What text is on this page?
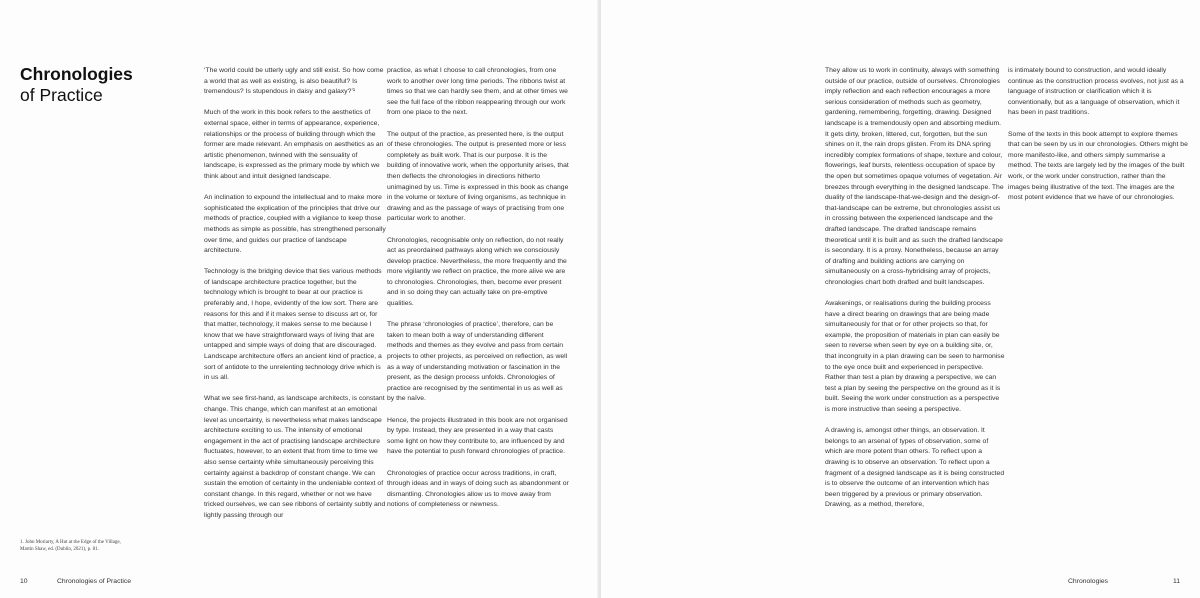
Chronologies
of Practice

‘The world could be utterly ugly and still exist. So how come a world that as well as existing, is also beautiful? Is tremendous? Is stupendous in daisy and galaxy?’¹

Much of the work in this book refers to the aesthetics of external space, either in terms of appearance, experience, relationships or the process of building through which the former are made relevant. An emphasis on aesthetics as an artistic phenomenon, twinned with the sensuality of landscape, is expressed as the primary mode by which we think about and intuit designed landscape.

An inclination to expound the intellectual and to make more sophisticated the explication of the principles that drive our methods of practice, coupled with a vigilance to keep those methods as simple as possible, has strengthened personally over time, and guides our practice of landscape architecture.

Technology is the bridging device that ties various methods of landscape architecture practice together, but the technology which is brought to bear at our practice is preferably and, I hope, evidently of the low sort. There are reasons for this and if it makes sense to discuss art or, for that matter, technology, it makes sense to me because I know that we have straightforward ways of living that are untapped and simple ways of doing that are discouraged. Landscape architecture offers an ancient kind of practice, a sort of antidote to the unrelenting technology drive which is in us all.

What we see first-hand, as landscape architects, is constant change. This change, which can manifest at an emotional level as uncertainty, is nevertheless what makes landscape architecture exciting to us. The intensity of emotional engagement in the act of practising landscape architecture fluctuates, however, to an extent that from time to time we also sense certainty while simultaneously perceiving this certainty against a backdrop of constant change. We can sustain the emotion of certainty in the undeniable context of constant change. In this regard, whether or not we have tricked ourselves, we can see ribbons of certainty subtly and lightly passing through our

practice, as what I choose to call chronologies, from one work to another over long time periods. The ribbons twist at times so that we can hardly see them, and at other times we see the full face of the ribbon reappearing through our work from one place to the next.

The output of the practice, as presented here, is the output of these chronologies. The output is presented more or less completely as built work. That is our purpose. It is the building of innovative work, when the opportunity arises, that then deflects the chronologies in directions hitherto unimagined by us. Time is expressed in this book as change in the volume or texture of living organisms, as technique in drawing and as the passage of ways of practising from one particular work to another.

Chronologies, recognisable only on reflection, do not really act as preordained pathways along which we consciously develop practice. Nevertheless, the more frequently and the more vigilantly we reflect on practice, the more alive we are to chronologies. Chronologies, then, become ever present and in so doing they can actually take on pre-emptive qualities.

The phrase ‘chronologies of practice’, therefore, can be taken to mean both a way of understanding different methods and themes as they evolve and pass from certain projects to other projects, as perceived on reflection, as well as a way of understanding motivation or fascination in the present, as the design process unfolds. Chronologies of practice are recognised by the sentimental in us as well as by the naïve.

Hence, the projects illustrated in this book are not organised by type. Instead, they are presented in a way that casts some light on how they contribute to, are influenced by and have the potential to push forward chronologies of practice.

Chronologies of practice occur across traditions, in craft, through ideas and in ways of doing such as abandonment or dismantling. Chronologies allow us to move away from notions of completeness or newness.

1. John Moriarty, A Hut at the Edge of the Village, Martin Shaw, ed. (Dublin, 2021), p. 81.
10	Chronologies of Practice

They allow us to work in continuity, always with something outside of our practice, outside of ourselves. Chronologies imply reflection and each reflection encourages a more serious consideration of methods such as geometry, gardening, remembering, forgetting, drawing. Designed landscape is a tremendously open and absorbing medium. It gets dirty, broken, littered, cut, forgotten, but the sun shines on it, the rain drops glisten. From its DNA spring incredibly complex formations of shape, texture and colour, flowerings, leaf bursts, relentless occupation of space by the open but sometimes opaque volumes of vegetation. Air breezes through everything in the designed landscape. The duality of the landscape-that-we-design and the design-of-that-landscape can be extreme, but chronologies assist us in crossing between the experienced landscape and the drafted landscape. The drafted landscape remains theoretical until it is built and as such the drafted landscape is secondary. It is a proxy. Nonetheless, because an array of drafting and building actions are carrying on simultaneously on a cross-hybridising array of projects, chronologies chart both drafted and built landscapes.

Awakenings, or realisations during the building process have a direct bearing on drawings that are being made simultaneously for that or for other projects so that, for example, the proposition of materials in plan can easily be seen to reverse when seen by eye on a building site, or, that incongruity in a plan drawing can be seen to harmonise to the eye once built and experienced in perspective. Rather than test a plan by drawing a perspective, we can test a plan by seeing the perspective on the ground as it is built. Seeing the work under construction as a perspective is more instructive than seeing a perspective.

A drawing is, amongst other things, an observation. It belongs to an arsenal of types of observation, some of which are more potent than others. To reflect upon a drawing is to observe an observation. To reflect upon a fragment of a designed landscape as it is being constructed is to observe the outcome of an intervention which has been triggered by a previous or primary observation. Drawing, as a method, therefore,

is intimately bound to construction, and would ideally continue as the construction process evolves, not just as a language of instruction or clarification which it is conventionally, but as a language of observation, which it has been in past traditions.

Some of the texts in this book attempt to explore themes that can be seen by us in our chronologies. Others might be more manifesto-like, and others simply summarise a method. The texts are largely led by the images of the built work, or the work under construction, rather than the images being illustrative of the text. The images are the most potent evidence that we have of our chronologies.

Chronologies	11
